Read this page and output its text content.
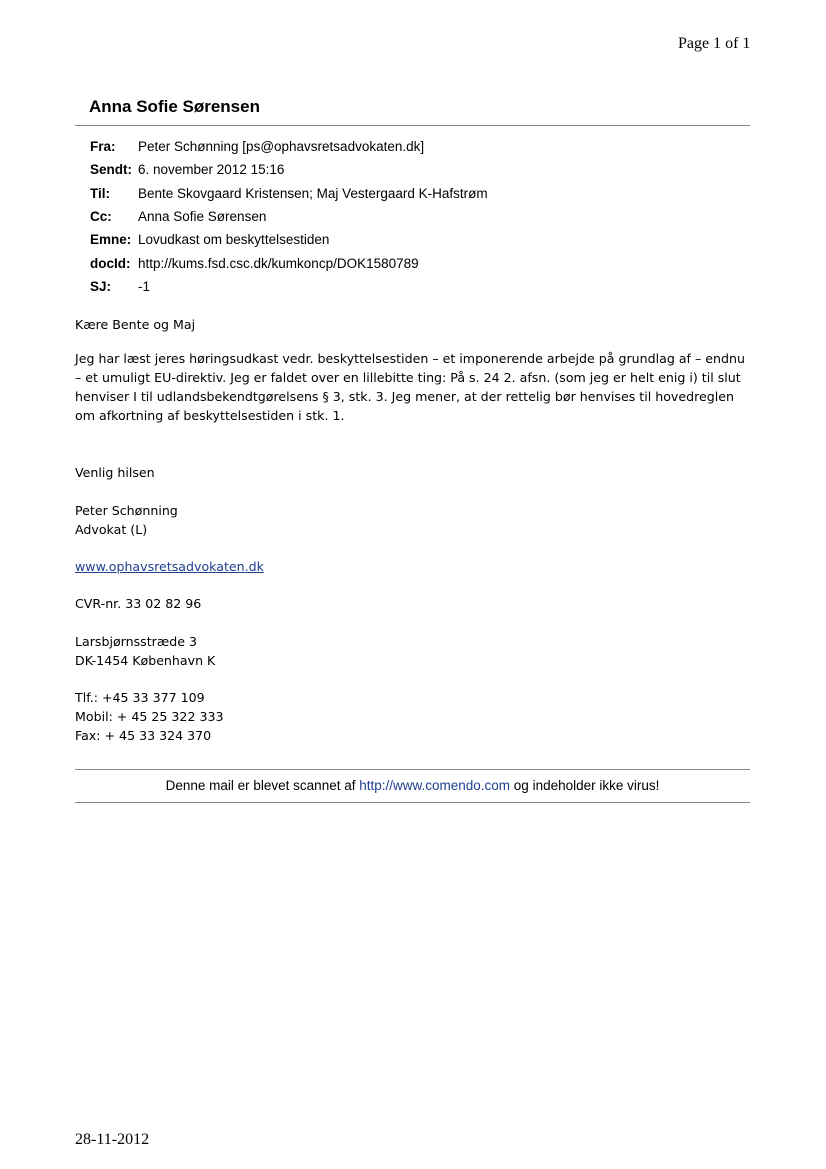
Page 1 of 1
Anna Sofie Sørensen
Fra:	Peter Schønning [ps@ophavsretsadvokaten.dk]
Sendt: 6. november 2012 15:16
Til:	Bente Skovgaard Kristensen; Maj Vestergaard K-Hafstrøm
Cc:	Anna Sofie Sørensen
Emne: Lovudkast om beskyttelsestiden
docId: http://kums.fsd.csc.dk/kumkoncp/DOK1580789
SJ:	-1

Kære Bente og Maj

Jeg har læst jeres høringsudkast vedr. beskyttelsestiden – et imponerende arbejde på grundlag af – endnu – et umuligt EU-direktiv. Jeg er faldet over en lillebitte ting: På s. 24 2. afsn. (som jeg er helt enig i) til slut henviser I til udlandsbekendtgørelsens § 3, stk. 3. Jeg mener, at der rettelig bør henvises til hovedreglen om afkortning af beskyttelsestiden i stk. 1.

Venlig hilsen

Peter Schønning

Advokat (L)

www.ophavsretsadvokaten.dk

CVR-nr. 33 02 82 96

Larsbjørnsstræde 3

DK-1454 København K

Tlf.: +45 33 377 109

Mobil: + 45 25 322 333

Fax: + 45 33 324 370

Denne mail er blevet scannet af http://www.comendo.com og indeholder ikke virus!
28-11-2012
